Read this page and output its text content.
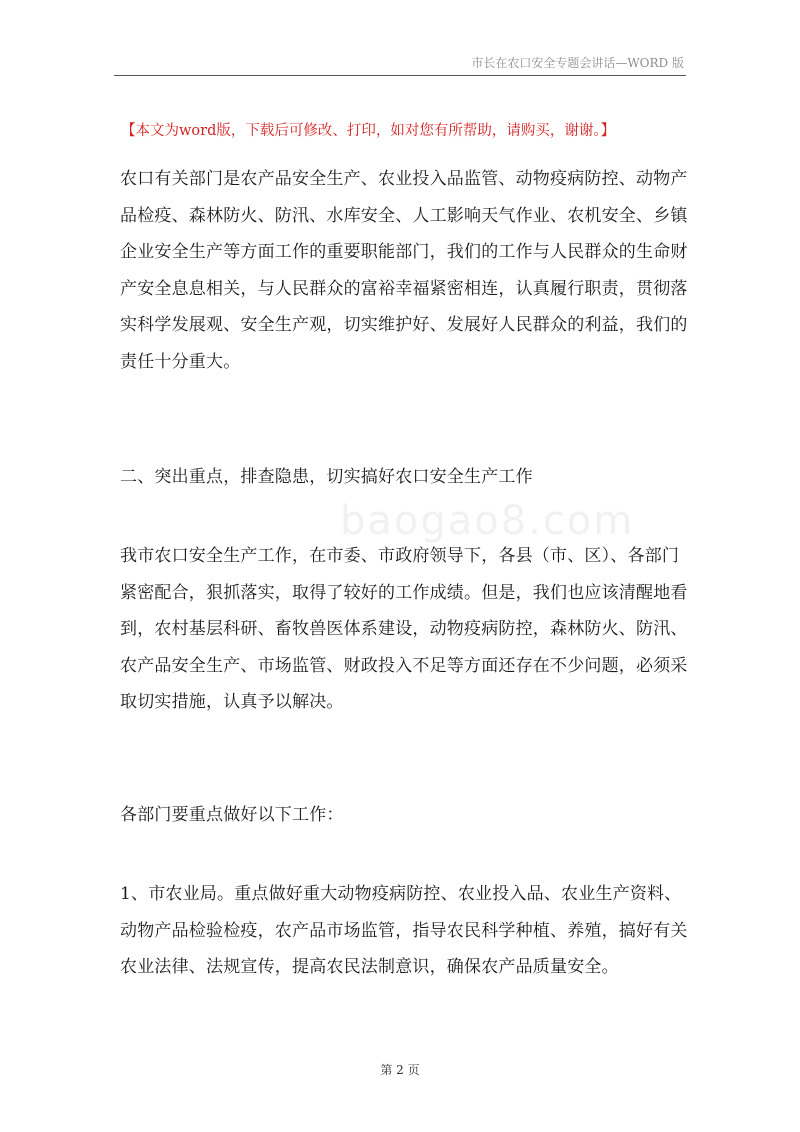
市长在农口安全专题会讲话—WORD 版
【本文为word版，下载后可修改、打印，如对您有所帮助，请购买，谢谢。】
baogao8.com

农口有关部门是农产品安全生产、农业投入品监管、动物疫病防控、动物产品检疫、森林防火、防汛、水库安全、人工影响天气作业、农机安全、乡镇企业安全生产等方面工作的重要职能部门，我们的工作与人民群众的生命财产安全息息相关，与人民群众的富裕幸福紧密相连，认真履行职责，贯彻落实科学发展观、安全生产观，切实维护好、发展好人民群众的利益，我们的责任十分重大。

二、突出重点，排查隐患，切实搞好农口安全生产工作

我市农口安全生产工作，在市委、市政府领导下，各县（市、区）、各部门紧密配合，狠抓落实，取得了较好的工作成绩。但是，我们也应该清醒地看到，农村基层科研、畜牧兽医体系建设，动物疫病防控，森林防火、防汛、农产品安全生产、市场监管、财政投入不足等方面还存在不少问题，必须采取切实措施，认真予以解决。

各部门要重点做好以下工作：

1、市农业局。重点做好重大动物疫病防控、农业投入品、农业生产资料、动物产品检验检疫，农产品市场监管，指导农民科学种植、养殖，搞好有关农业法律、法规宣传，提高农民法制意识，确保农产品质量安全。

第 2 页
